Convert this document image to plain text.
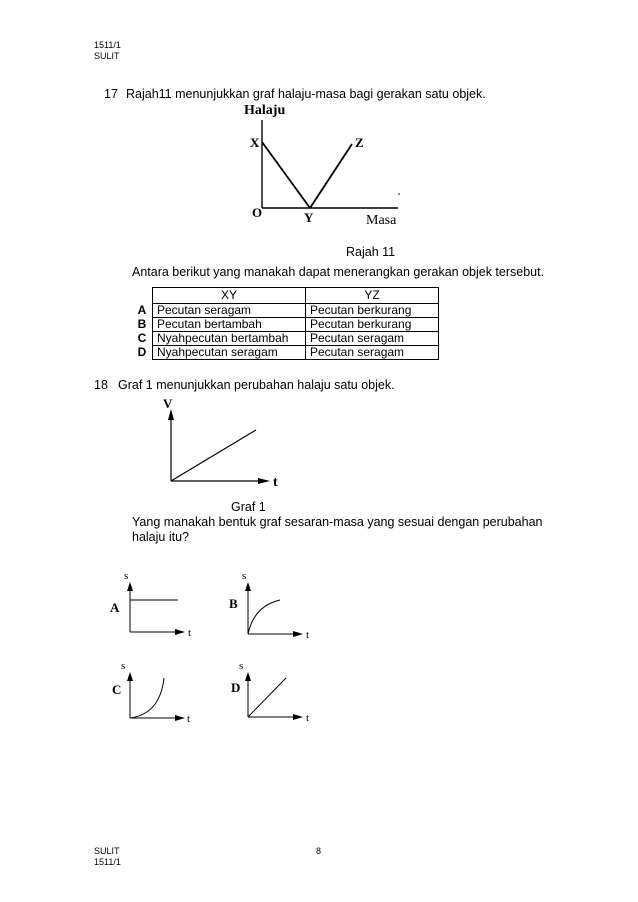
1511/1
SULIT
17 Rajah11 menunjukkan graf halaju-masa bagi gerakan satu objek.
Halaju
X	Z
O	Y	Masa
Rajah 11
Antara berikut yang manakah dapat menerangkan gerakan objek tersebut.
	XY	YZ
A	Pecutan seragam	Pecutan berkurang
B	Pecutan bertambah	Pecutan berkurang
C	Nyahpecutan bertambah	Pecutan seragam
D	Nyahpecutan seragam	Pecutan seragam
18 Graf 1 menunjukkan perubahan halaju satu objek.
V
t
Graf 1
Yang manakah bentuk graf sesaran-masa yang sesuai dengan perubahan
halaju itu?
s
t
A
s
t
B
s
t
C
s
t
D
SULIT	8
1511/1
